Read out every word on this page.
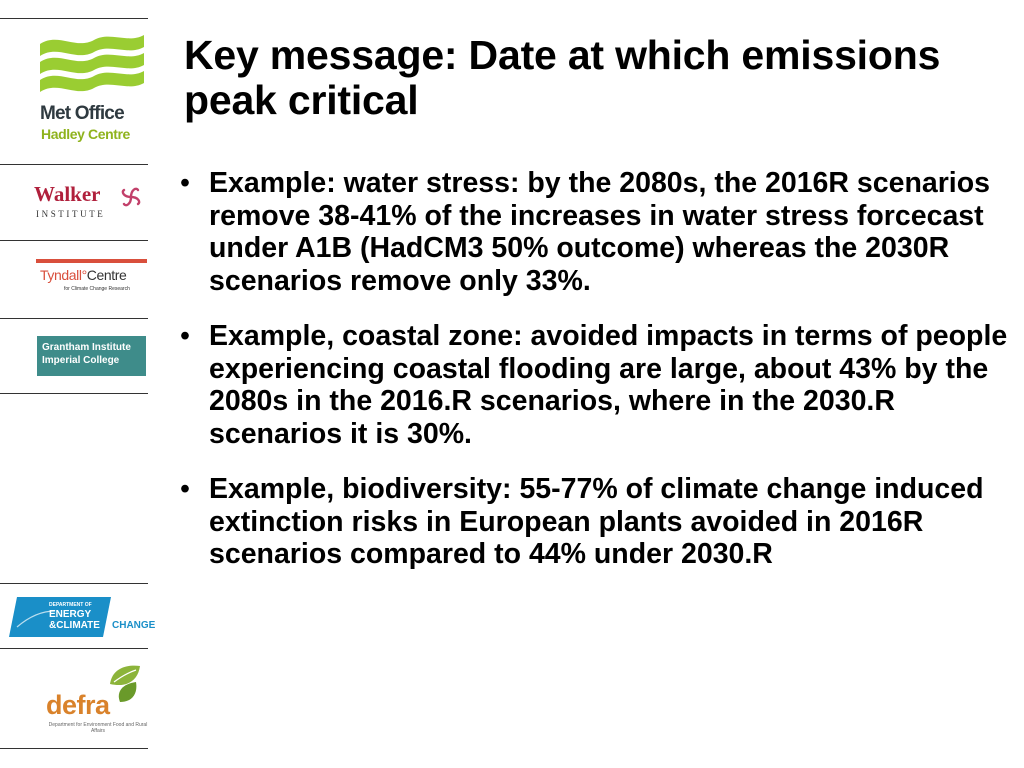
Met Office
Hadley Centre
Walker
INSTITUTE
Tyndall°Centre
for Climate Change Research
Grantham Institute
Imperial College
DEPARTMENT OF
ENERGY
&CLIMATE CHANGE
defra
Department for Environment Food and Rural Affairs
Key message: Date at which emissions peak critical
• Example: water stress: by the 2080s, the 2016R scenarios remove 38-41% of the increases in water stress forcecast under A1B (HadCM3 50% outcome) whereas the 2030R scenarios remove only 33%.
• Example, coastal zone: avoided impacts in terms of people experiencing coastal flooding are large, about 43% by the 2080s in the 2016.R scenarios, where in the 2030.R scenarios it is 30%.
• Example, biodiversity: 55-77% of climate change induced extinction risks in European plants avoided in 2016R scenarios compared to 44% under 2030.R
